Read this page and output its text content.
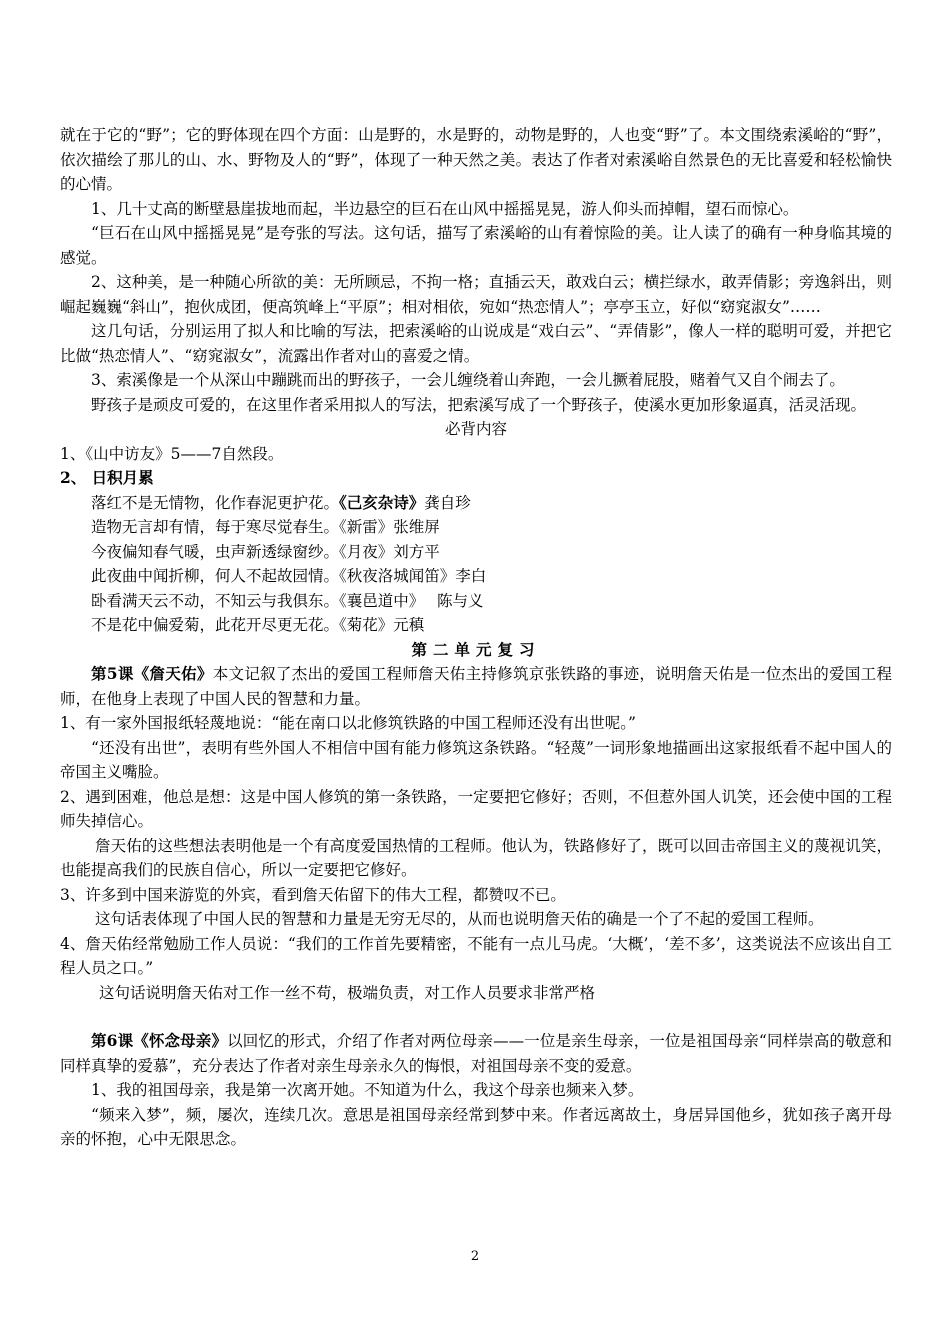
就在于它的“野”；它的野体现在四个方面：山是野的，水是野的，动物是野的，人也变“野”了。本文围绕索溪峪的“野”，依次描绘了那儿的山、水、野物及人的“野”，体现了一种天然之美。表达了作者对索溪峪自然景色的无比喜爱和轻松愉快的心情。

1、几十丈高的断壁悬崖拔地而起，半边悬空的巨石在山风中摇摇晃晃，游人仰头而掉帽，望石而惊心。

“巨石在山风中摇摇晃晃”是夸张的写法。这句话，描写了索溪峪的山有着惊险的美。让人读了的确有一种身临其境的感觉。

2、这种美，是一种随心所欲的美：无所顾忌，不拘一格；直插云天，敢戏白云；横拦绿水，敢弄倩影；旁逸斜出，则崛起巍巍“斜山”，抱伙成团，便高筑峰上“平原”；相对相依，宛如“热恋情人”；亭亭玉立，好似“窈窕淑女”……

这几句话，分别运用了拟人和比喻的写法，把索溪峪的山说成是“戏白云”、“弄倩影”，像人一样的聪明可爱，并把它比做“热恋情人”、“窈窕淑女”，流露出作者对山的喜爱之情。

3、索溪像是一个从深山中蹦跳而出的野孩子，一会儿缠绕着山奔跑，一会儿撅着屁股，赌着气又自个闹去了。

野孩子是顽皮可爱的，在这里作者采用拟人的写法，把索溪写成了一个野孩子，使溪水更加形象逼真，活灵活现。

必背内容

1、《山中访友》5——7自然段。

2、 日积月累

落红不是无情物，化作春泥更护花。《己亥杂诗》龚自珍

造物无言却有情，每于寒尽觉春生。《新雷》张维屏

今夜偏知春气暖，虫声新透绿窗纱。《月夜》刘方平

此夜曲中闻折柳，何人不起故园情。《秋夜洛城闻笛》李白

卧看满天云不动，不知云与我俱东。《襄邑道中》　 陈与义

不是花中偏爱菊，此花开尽更无花。《菊花》元稹

第二单元复习

第5课《詹天佑》本文记叙了杰出的爱国工程师詹天佑主持修筑京张铁路的事迹，说明詹天佑是一位杰出的爱国工程师，在他身上表现了中国人民的智慧和力量。

1、有一家外国报纸轻蔑地说：“能在南口以北修筑铁路的中国工程师还没有出世呢。”

“还没有出世”，表明有些外国人不相信中国有能力修筑这条铁路。“轻蔑”一词形象地描画出这家报纸看不起中国人的帝国主义嘴脸。

2、遇到困难，他总是想：这是中国人修筑的第一条铁路，一定要把它修好；否则，不但惹外国人讥笑，还会使中国的工程师失掉信心。

詹天佑的这些想法表明他是一个有高度爱国热情的工程师。他认为，铁路修好了，既可以回击帝国主义的蔑视讥笑，也能提高我们的民族自信心，所以一定要把它修好。

3、许多到中国来游览的外宾，看到詹天佑留下的伟大工程，都赞叹不已。

这句话表体现了中国人民的智慧和力量是无穷无尽的，从而也说明詹天佑的确是一个了不起的爱国工程师。

4、詹天佑经常勉励工作人员说：“我们的工作首先要精密，不能有一点儿马虎。‘大概’，‘差不多’，这类说法不应该出自工程人员之口。”

这句话说明詹天佑对工作一丝不苟，极端负责，对工作人员要求非常严格

第6课《怀念母亲》以回忆的形式，介绍了作者对两位母亲——一位是亲生母亲，一位是祖国母亲“同样崇高的敬意和同样真挚的爱慕”，充分表达了作者对亲生母亲永久的悔恨，对祖国母亲不变的爱意。

1、我的祖国母亲，我是第一次离开她。不知道为什么，我这个母亲也频来入梦。

“频来入梦”，频，屡次，连续几次。意思是祖国母亲经常到梦中来。作者远离故土，身居异国他乡，犹如孩子离开母亲的怀抱，心中无限思念。

2
